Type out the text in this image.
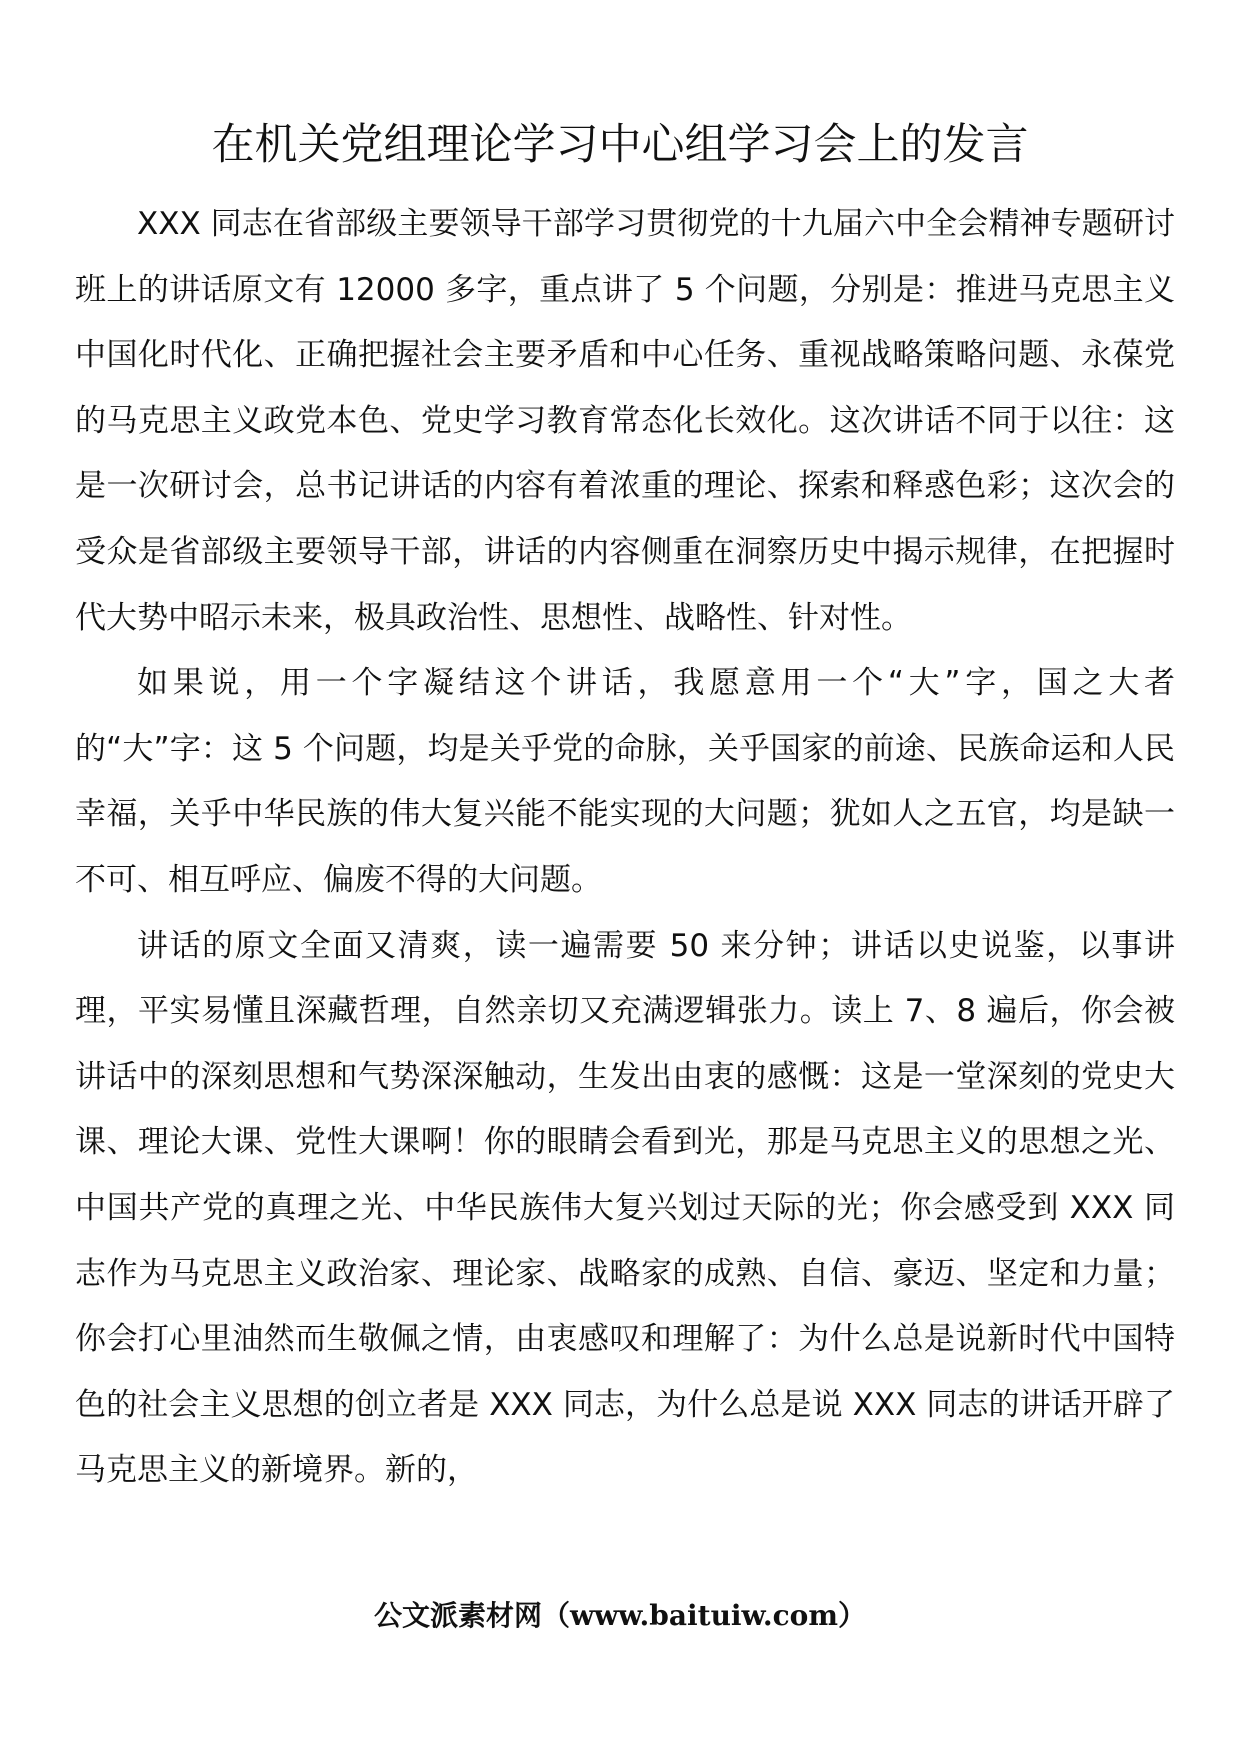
在机关党组理论学习中心组学习会上的发言

XXX 同志在省部级主要领导干部学习贯彻党的十九届六中全会精神专题研讨班上的讲话原文有 12000 多字，重点讲了 5 个问题，分别是：推进马克思主义中国化时代化、正确把握社会主要矛盾和中心任务、重视战略策略问题、永葆党的马克思主义政党本色、党史学习教育常态化长效化。这次讲话不同于以往：这是一次研讨会，总书记讲话的内容有着浓重的理论、探索和释惑色彩；这次会的受众是省部级主要领导干部，讲话的内容侧重在洞察历史中揭示规律，在把握时代大势中昭示未来，极具政治性、思想性、战略性、针对性。

如果说，用一个字凝结这个讲话，我愿意用一个“大”字，国之大者的“大”字：这 5 个问题，均是关乎党的命脉，关乎国家的前途、民族命运和人民幸福，关乎中华民族的伟大复兴能不能实现的大问题；犹如人之五官，均是缺一不可、相互呼应、偏废不得的大问题。

讲话的原文全面又清爽，读一遍需要 50 来分钟；讲话以史说鉴，以事讲理，平实易懂且深藏哲理，自然亲切又充满逻辑张力。读上 7、8 遍后，你会被讲话中的深刻思想和气势深深触动，生发出由衷的感慨：这是一堂深刻的党史大课、理论大课、党性大课啊！你的眼睛会看到光，那是马克思主义的思想之光、中国共产党的真理之光、中华民族伟大复兴划过天际的光；你会感受到 XXX 同志作为马克思主义政治家、理论家、战略家的成熟、自信、豪迈、坚定和力量；你会打心里油然而生敬佩之情，由衷感叹和理解了：为什么总是说新时代中国特色的社会主义思想的创立者是 XXX 同志，为什么总是说 XXX 同志的讲话开辟了马克思主义的新境界。新的，

公文派素材网（www.baituiw.com）
